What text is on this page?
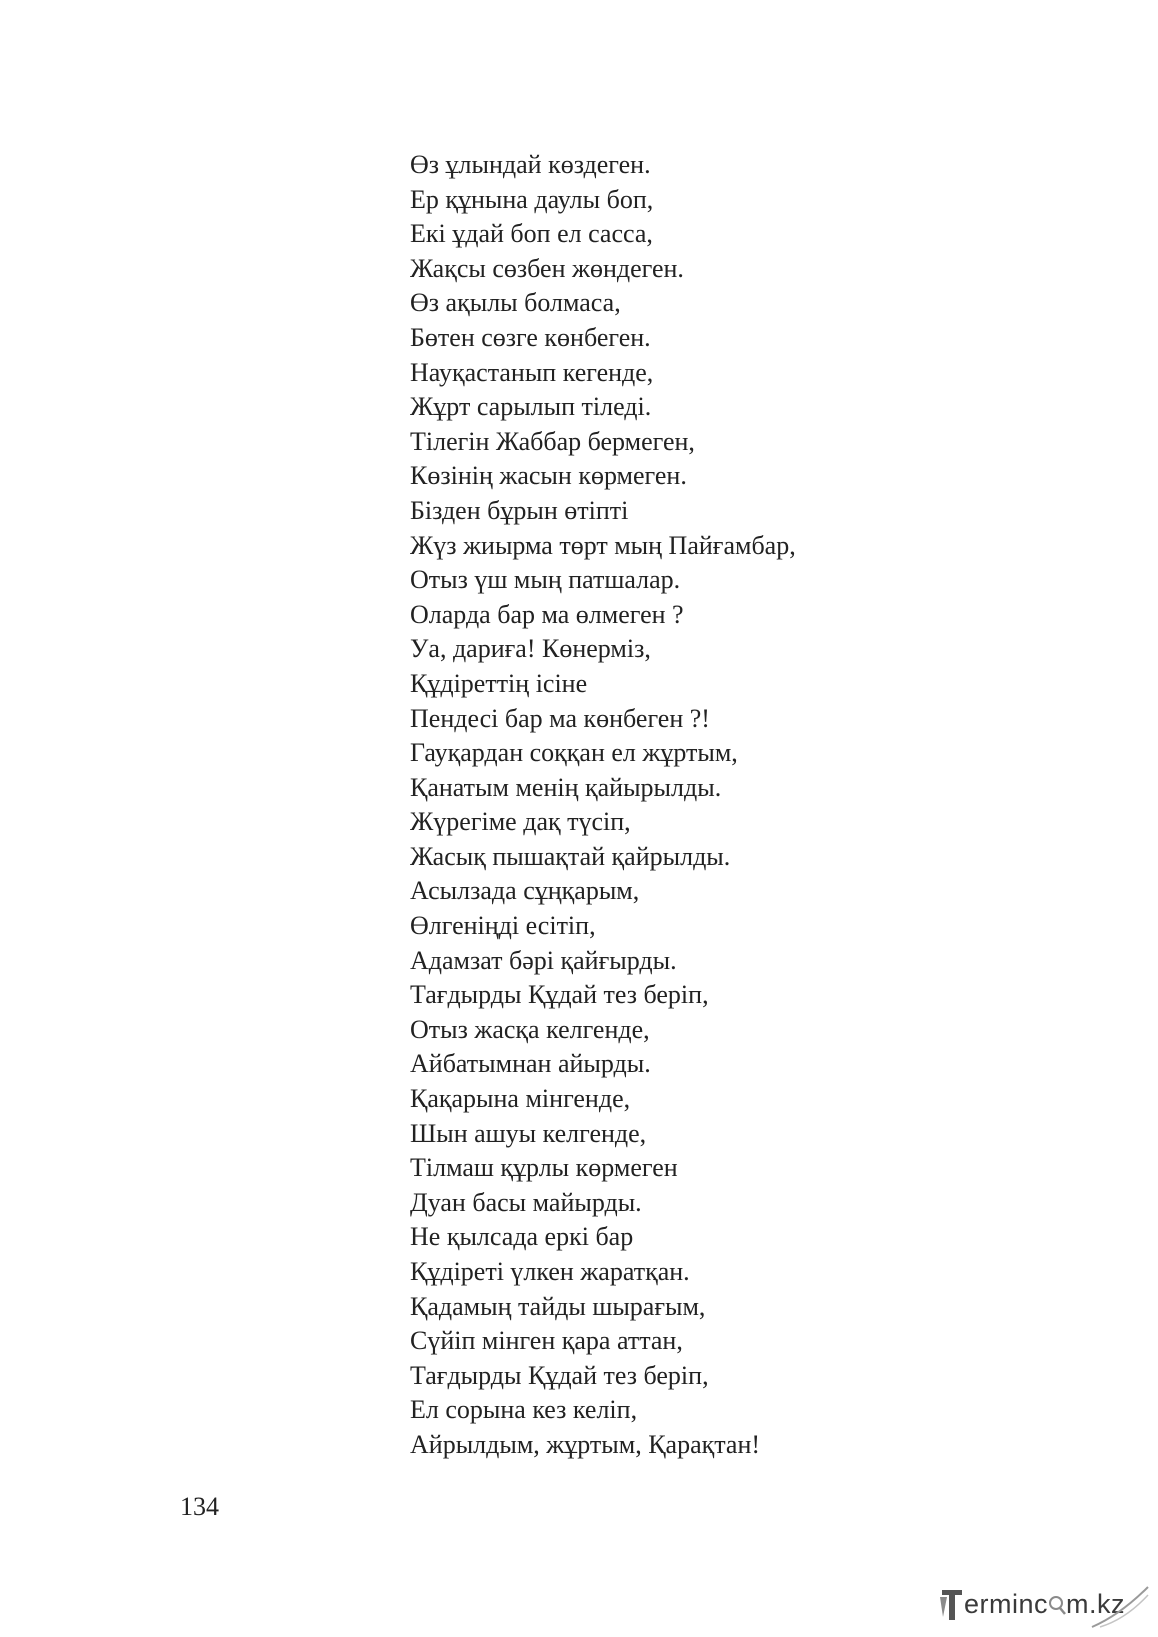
Өз ұлындай көздеген.
Ер құнына даулы боп,
Екі ұдай боп ел сасса,
Жақсы сөзбен жөндеген.
Өз ақылы болмаса,
Бөтен сөзге көнбеген.
Науқастанып кегенде,
Жұрт сарылып тіледі.
Тілегін Жаббар бермеген,
Көзінің жасын көрмеген.
Бізден бұрын өтіпті
Жүз жиырма төрт мың Пайғамбар,
Отыз үш мың патшалар.
Оларда бар ма өлмеген ?
Уа, дариға! Көнерміз,
Құдіреттің ісіне
Пендесі бар ма көнбеген ?!
Гауқардан соққан ел жұртым,
Қанатым менің қайырылды.
Жүрегіме дақ түсіп,
Жасық пышақтай қайрылды.
Асылзада сұңқарым,
Өлгеніңді есітіп,
Адамзат бәрі қайғырды.
Тағдырды Құдай тез беріп,
Отыз жасқа келгенде,
Айбатымнан айырды.
Қақарына мінгенде,
Шын ашуы келгенде,
Тілмаш құрлы көрмеген
Дуан басы майырды.
Не қылсада еркі бар
Құдіреті үлкен жаратқан.
Қадамың тайды шырағым,
Сүйіп мінген қара аттан,
Тағдырды Құдай тез беріп,
Ел сорына кез келіп,
Айрылдым, жұртым, Қарақтан!
134
erminc m.kz
